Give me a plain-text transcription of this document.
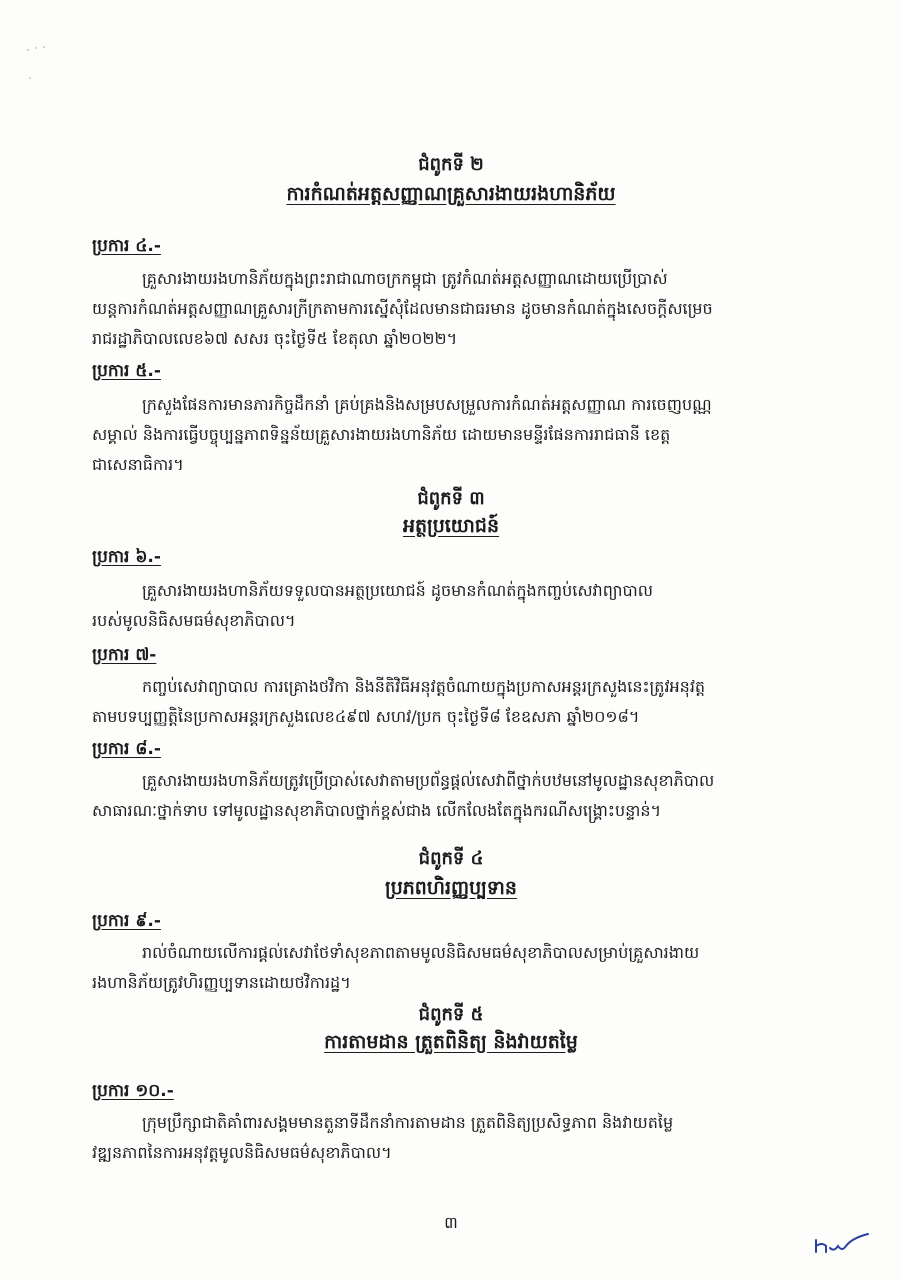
ជំពូកទី ២
ការកំណត់អត្តសញ្ញាណគ្រួសារងាយរងហានិភ័យ
ប្រការ ៤.-
គ្រួសារងាយរងហានិភ័យក្នុងព្រះរាជាណាចក្រកម្ពុជា ត្រូវកំណត់អត្តសញ្ញាណដោយប្រើប្រាស់
យន្តការកំណត់អត្តសញ្ញាណគ្រួសារក្រីក្រតាមការស្នើសុំដែលមានជាធរមាន ដូចមានកំណត់ក្នុងសេចក្តីសម្រេច
រាជរដ្ឋាភិបាលលេខ៦៧ សសរ ចុះថ្ងៃទី៥ ខែតុលា ឆ្នាំ២០២២។
ប្រការ ៥.-
ក្រសួងផែនការមានភារកិច្ចដឹកនាំ គ្រប់គ្រងនិងសម្របសម្រួលការកំណត់អត្តសញ្ញាណ ការចេញបណ្ណ
សម្គាល់ និងការធ្វើបច្ចុប្បន្នភាពទិន្នន័យគ្រួសារងាយរងហានិភ័យ ដោយមានមន្ទីរផែនការរាជធានី ខេត្ត
ជាសេនាធិការ។
ជំពូកទី ៣
អត្ថប្រយោជន៍
ប្រការ ៦.-
គ្រួសារងាយរងហានិភ័យទទួលបានអត្ថប្រយោជន៍ ដូចមានកំណត់ក្នុងកញ្ចប់សេវាព្យាបាល
របស់មូលនិធិសមធម៌សុខាភិបាល។
ប្រការ ៧-
កញ្ចប់សេវាព្យាបាល ការគ្រោងថវិកា និងនីតិវិធីអនុវត្តចំណាយក្នុងប្រកាសអន្តរក្រសួងនេះត្រូវអនុវត្ត
តាមបទប្បញ្ញត្តិនៃប្រកាសអន្តរក្រសួងលេខ៤៩៧ សហវ/ប្រក ចុះថ្ងៃទី៨ ខែឧសភា ឆ្នាំ២០១៨។
ប្រការ ៨.-
គ្រួសារងាយរងហានិភ័យត្រូវប្រើប្រាស់សេវាតាមប្រព័ន្ធផ្តល់សេវាពីថ្នាក់បឋមនៅមូលដ្ឋានសុខាភិបាល
សាធារណៈថ្នាក់ទាប ទៅមូលដ្ឋានសុខាភិបាលថ្នាក់ខ្ពស់ជាង លើកលែងតែក្នុងករណីសង្គ្រោះបន្ទាន់។
ជំពូកទី ៤
ប្រភពហិរញ្ញប្បទាន
ប្រការ ៩.-
រាល់ចំណាយលើការផ្តល់សេវាថែទាំសុខភាពតាមមូលនិធិសមធម៌សុខាភិបាលសម្រាប់គ្រួសារងាយ
រងហានិភ័យត្រូវហិរញ្ញប្បទានដោយថវិការដ្ឋ។
ជំពូកទី ៥
ការតាមដាន ត្រួតពិនិត្យ និងវាយតម្លៃ
ប្រការ ១០.-
ក្រុមប្រឹក្សាជាតិគាំពារសង្គមមានតួនាទីដឹកនាំការតាមដាន ត្រួតពិនិត្យប្រសិទ្ធភាព និងវាយតម្លៃ
វឌ្ឍនភាពនៃការអនុវត្តមូលនិធិសមធម៌សុខាភិបាល។
៣
